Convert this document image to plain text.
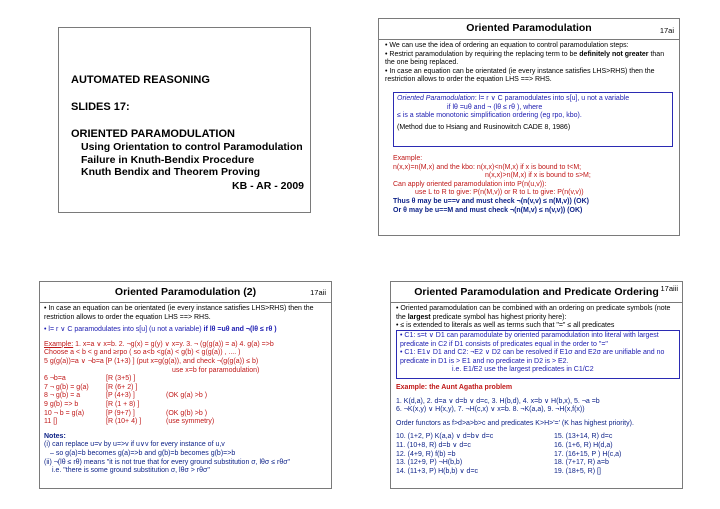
AUTOMATED REASONING
SLIDES 17:
ORIENTED PARAMODULATION
Using Orientation to control Paramodulation
Failure in Knuth-Bendix Procedure
Knuth Bendix and Theorem Proving
KB - AR - 2009
Oriented Paramodulation	17ai

• We can use the idea of ordering an equation to control paramodulation steps:

• Restrict paramodulation by requiring the replacing term to be definitely not greater than the one being replaced.

• In case an equation can be orientated (ie every instance satisfies LHS>RHS) then the restriction allows to order the equation LHS ==> RHS.

Oriented Paramodulation: l= r ∨ C paramodulates into s[u], u not a variable

if lθ =uθ and ¬ (lθ ≤ rθ ), where

≤ is a stable monotonic simplification ordering (eg rpo, kbo).

(Method due to Hsiang and Rusinowitch CADE 8, 1986)

Example:

n(x,x)=n(M,x) and the kbo: n(x,x)<n(M,x) if x is bound to t<M;

n(x,x)>n(M,x) if x is bound to s>M;

Can apply oriented paramodulation into P(n(u,v)):

use L to R to give: P(n(M,v)) or R to L to give: P(n(v,v))

Thus θ may be u==v and must check ¬(n(v,v) ≤ n(M,v)) (OK)

Or θ may be u==M and must check ¬(n(M,v) ≤ n(v,v)) (OK)

Oriented Paramodulation (2)	17aii

• In case an equation can be orientated (ie every instance satisfies LHS>RHS) then the restriction allows to order the equation LHS ==> RHS.

• l= r ∨ C paramodulates into s[u] (u not a variable) if lθ =uθ and ¬(lθ ≤ rθ )

Example: 1. x=a ∨ x=b. 2. ¬g(x) = g(y) ∨ x=y. 3. ¬ (g(g(a)) = a) 4. g(a) =>b

Choose a < b < g and ≥rpo ( so a<b <g(a) < g(b) < g(g(a)) , .... )

5 g(g(a))=a ∨ ¬b=a [P (1+3) ] (put x=g(g(a)), and check ¬(g(g(a)) ≤ b)

use x=b for paramodulation)

6 ¬b=a	[R (3+5) ]
7 ¬ g(b) = g(a)	[R (6+ 2) ]
8 ¬ g(b) = a	[P (4+3) ]	(OK g(a) >b )
9 g(b) => b	[R (1 + 8) ]
10 ¬ b = g(a)	[P (9+7) ]	(OK g(b) >b )
11 []	[R (10+ 4) ]	(use symmetry)

Notes:

(i) can replace u=v by u=>v if u∨v for every instance of u,v

– so g(a)=b becomes g(a)=>b and g(b)=b becomes g(b)=>b

(ii) ¬(lθ ≤ rθ) means "it is not true that for every ground substitution σ, lθσ ≤ rθσ"

i.e. "there is some ground substitution σ, lθσ > rθσ"

Oriented Paramodulation and Predicate Ordering 17aiii

• Oriented paramodulation can be combined with an ordering on predicate symbols (note the largest predicate symbol has highest priority here):

• ≤ is extended to literals as well as terms such that "=" ≤ all predicates

• C1: s=t ∨ D1 can paramodulate by oriented paramodulation into literal with largest predicate in C2 if D1 consists of predicates equal in the order to "="

• C1: E1∨ D1 and C2: ¬E2 ∨ D2 can be resolved if E1σ and E2σ are unifiable and no predicate in D1 is > E1 and no predicate in D2 is > E2.

i.e. E1/E2 use the largest predicates in C1/C2

Example: the Aunt Agatha problem

1. K(d,a), 2. d=a ∨ d=b ∨ d=c, 3. H(b,d), 4. x=b ∨ H(b,x), 5. ¬a =b

6. ¬K(x,y) ∨ H(x,y), 7. ¬H(c,x) ∨ x=b. 8. ¬K(a,a), 9. ¬H(x,f(x))

Order functors as f>d>a>b>c and predicates K>H>'=' (K has highest priority).

10. (1+2, P) K(a,a) ∨ d=b∨ d=c

11. (10+8, R) d=b ∨ d=c

12. (4+9, R) f(b) =b

13. (12+9, P) ¬H(b,b)

14. (11+3, P) H(b,b) ∨ d=c

15. (13+14, R) d=c

16. (1+6, R) H(d,a)

17. (16+15, P ) H(c,a)

18. (7+17, R) a=b

19. (18+5, R) []
